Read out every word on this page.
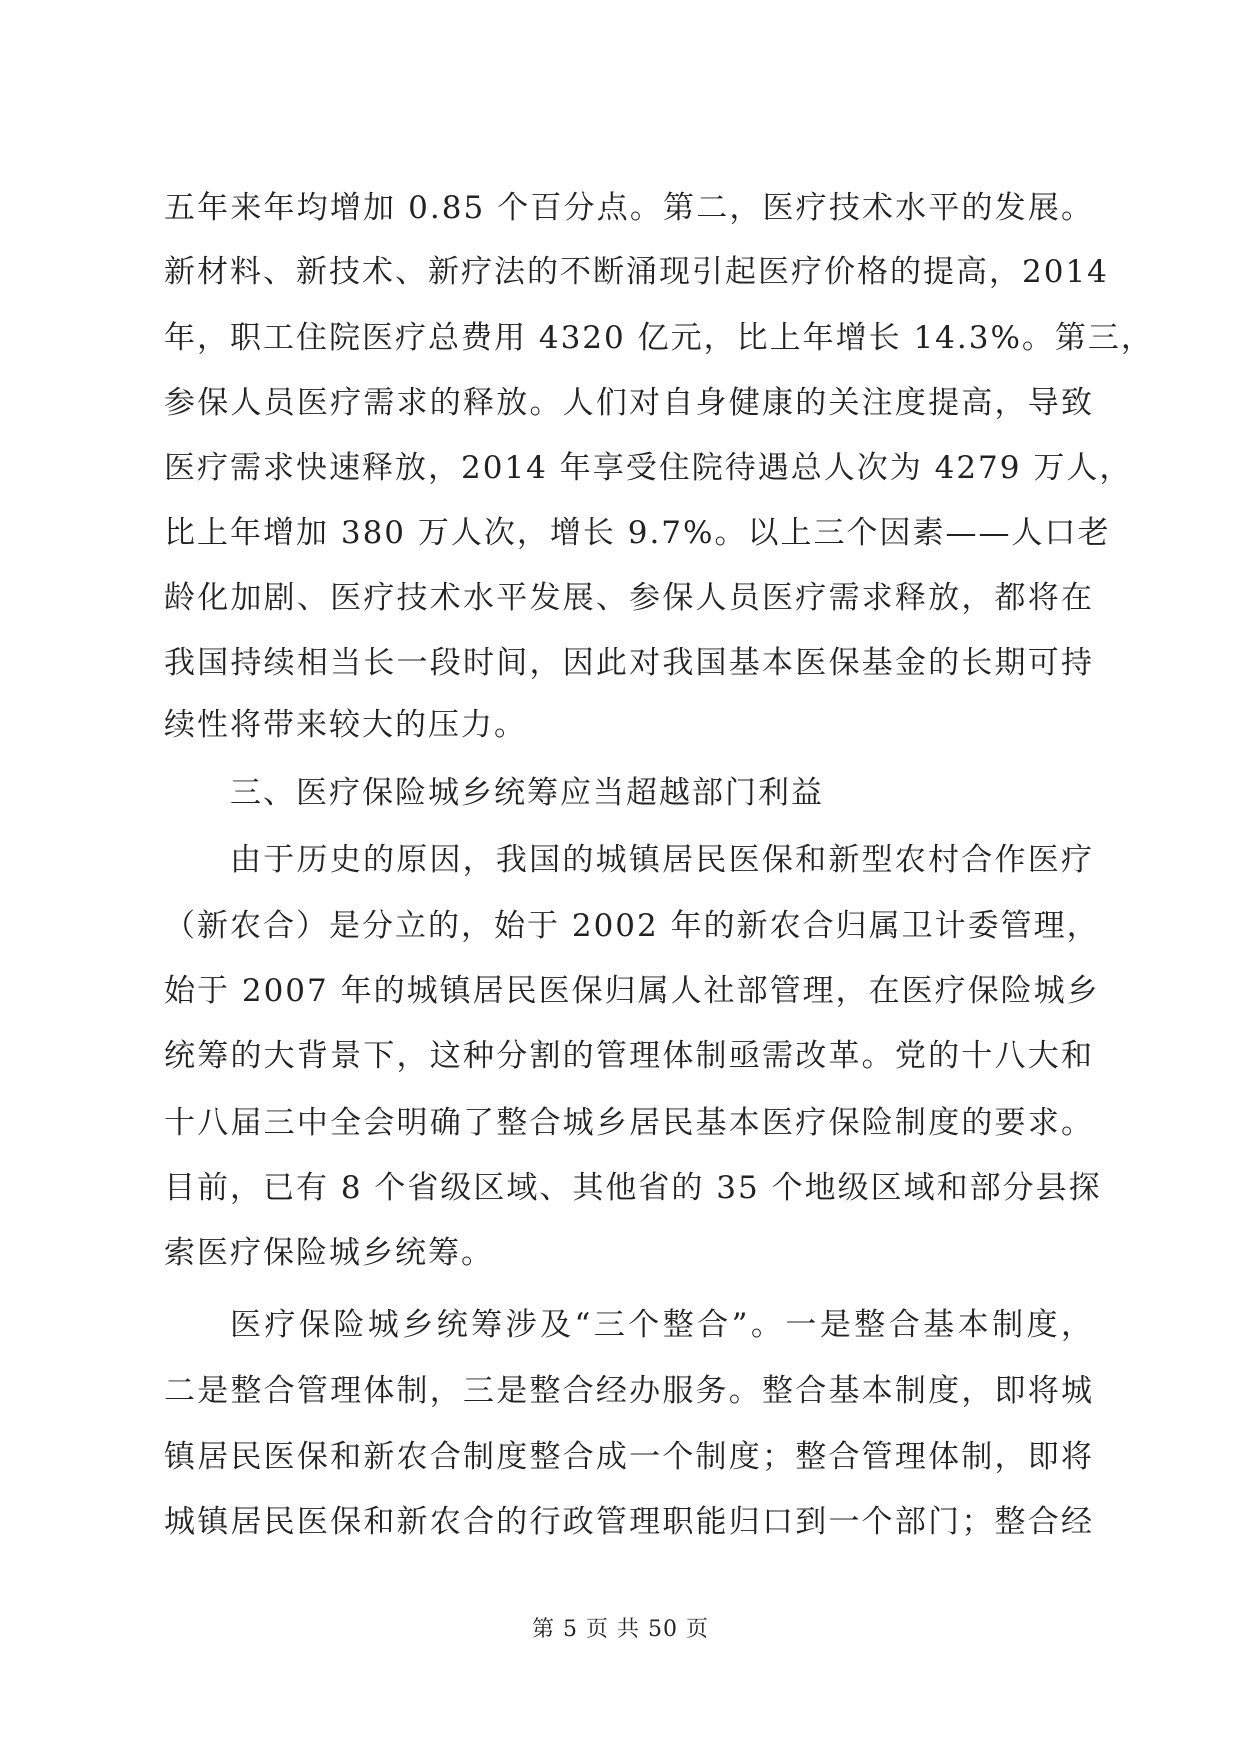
五年来年均增加 0.85 个百分点。第二，医疗技术水平的发展。
新材料、新技术、新疗法的不断涌现引起医疗价格的提高，2014
年，职工住院医疗总费用 4320 亿元，比上年增长 14.3%。第三，
参保人员医疗需求的释放。人们对自身健康的关注度提高，导致
医疗需求快速释放，2014 年享受住院待遇总人次为 4279 万人，
比上年增加 380 万人次，增长 9.7%。以上三个因素——人口老
龄化加剧、医疗技术水平发展、参保人员医疗需求释放，都将在
我国持续相当长一段时间，因此对我国基本医保基金的长期可持
续性将带来较大的压力。
三、医疗保险城乡统筹应当超越部门利益
由于历史的原因，我国的城镇居民医保和新型农村合作医疗
（新农合）是分立的，始于 2002 年的新农合归属卫计委管理，
始于 2007 年的城镇居民医保归属人社部管理，在医疗保险城乡
统筹的大背景下，这种分割的管理体制亟需改革。党的十八大和
十八届三中全会明确了整合城乡居民基本医疗保险制度的要求。
目前，已有 8 个省级区域、其他省的 35 个地级区域和部分县探
索医疗保险城乡统筹。
医疗保险城乡统筹涉及“三个整合”。一是整合基本制度，
第 5 页 共 50 页
二是整合管理体制，三是整合经办服务。整合基本制度，即将城
镇居民医保和新农合制度整合成一个制度；整合管理体制，即将
城镇居民医保和新农合的行政管理职能归口到一个部门；整合经
